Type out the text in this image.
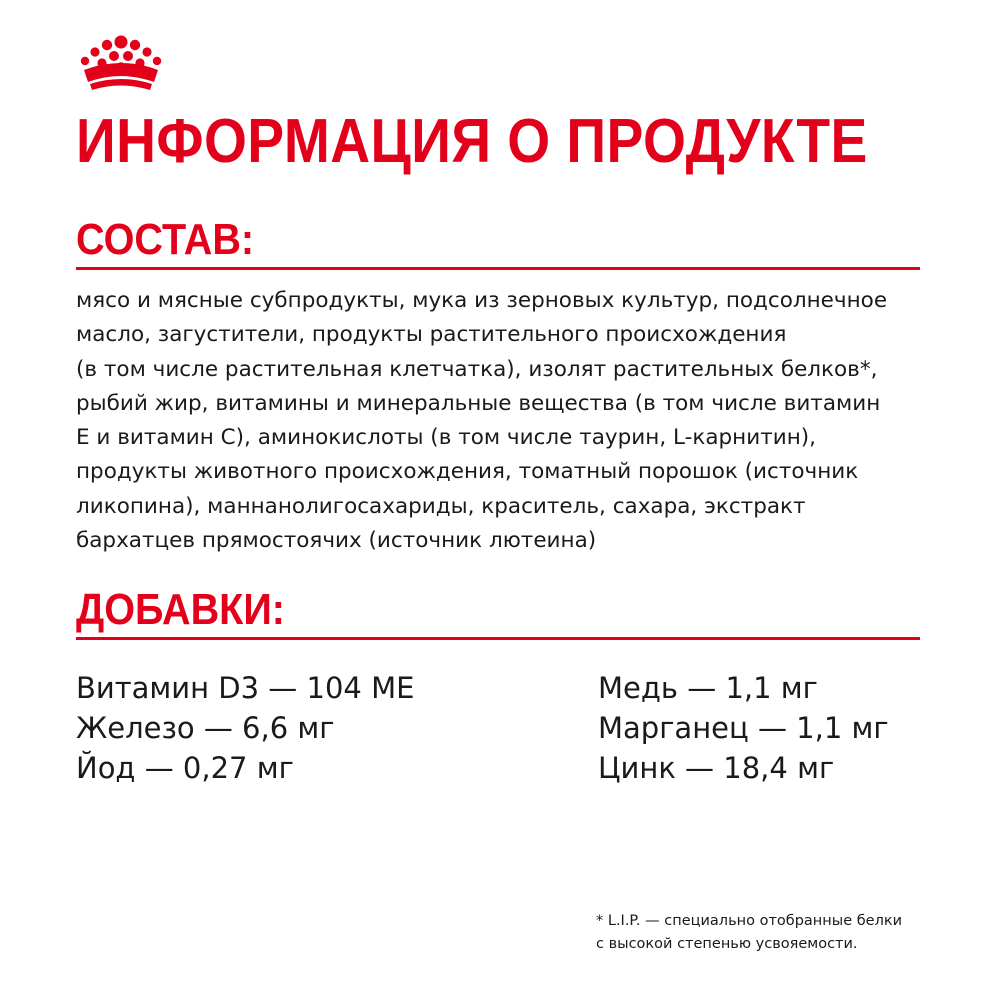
ИНФОРМАЦИЯ О ПРОДУКТЕ
СОСТАВ:

мясо и мясные субпродукты, мука из зерновых культур, подсолнечное
масло, загустители, продукты растительного происхождения
(в том числе растительная клетчатка), изолят растительных белков*,
рыбий жир, витамины и минеральные вещества (в том числе витамин
Е и витамин С), аминокислоты (в том числе таурин, L-карнитин),
продукты животного происхождения, томатный порошок (источник
ликопина), маннанолигосахариды, краситель, сахара, экстракт
бархатцев прямостоячих (источник лютеина)

ДОБАВКИ:
Витамин D3 — 104 МЕ
Железо — 6,6 мг
Йод — 0,27 мг
Медь — 1,1 мг
Марганец — 1,1 мг
Цинк — 18,4 мг

* L.I.P. — специально отобранные белки
с высокой степенью усвояемости.
